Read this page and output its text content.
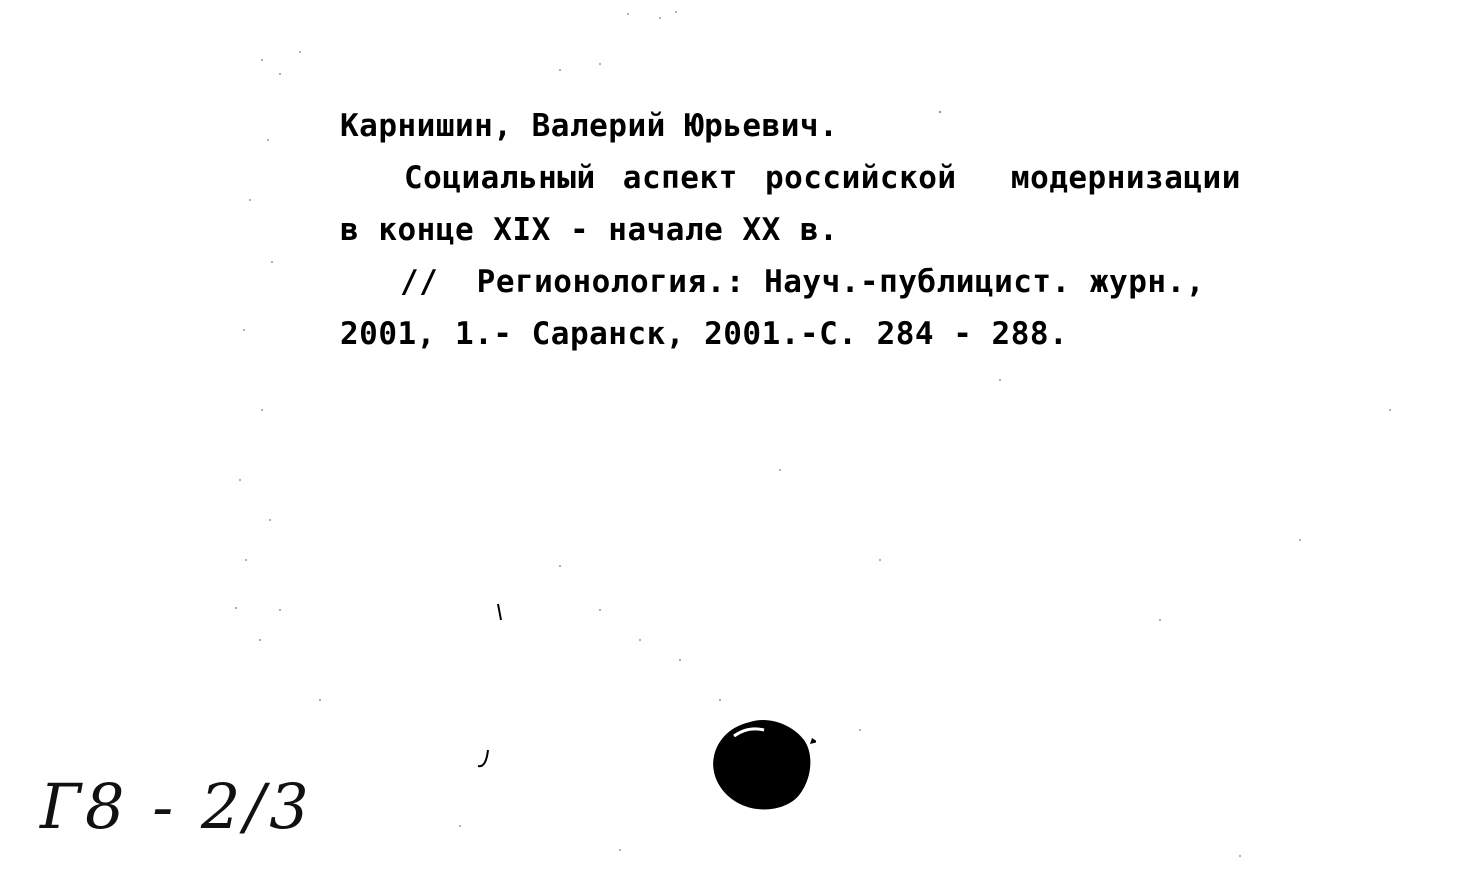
Карнишин, Валерий Юрьевич.
Социальный аспект российской  модернизации
в конце XIX - начале XX в.
//  Регионология.: Науч.-публицист. журн.,
2001, 1.- Саранск, 2001.-С. 284 - 288.
Г8 - 2/3
